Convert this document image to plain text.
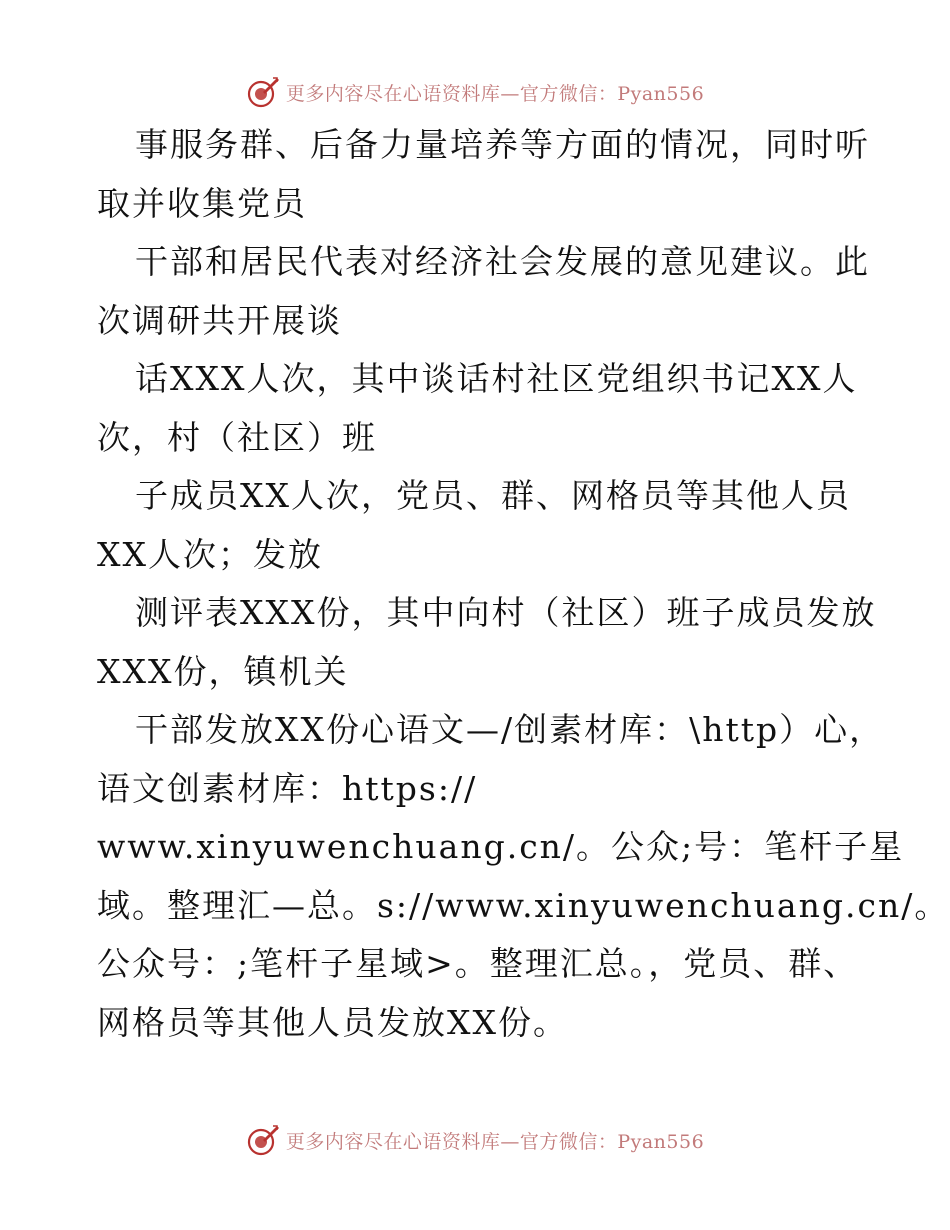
更多内容尽在心语资料库—官方微信：Pyan556
事服务群、后备力量培养等方面的情况，同时听
取并收集党员
干部和居民代表对经济社会发展的意见建议。此
次调研共开展谈
话XXX人次，其中谈话村社区党组织书记XX人
次，村（社区）班
子成员XX人次，党员、群、网格员等其他人员
XX人次；发放
测评表XXX份，其中向村（社区）班子成员发放
XXX份，镇机关
干部发放XX份心语文—/创素材库：\http）心，
语文创素材库：https://
www.xinyuwenchuang.cn/。公众;号：笔杆子星
域。整理汇—总。s://www.xinyuwenchuang.cn/。
公众号：;笔杆子星域>。整理汇总。，党员、群、
网格员等其他人员发放XX份。
更多内容尽在心语资料库—官方微信：Pyan556
